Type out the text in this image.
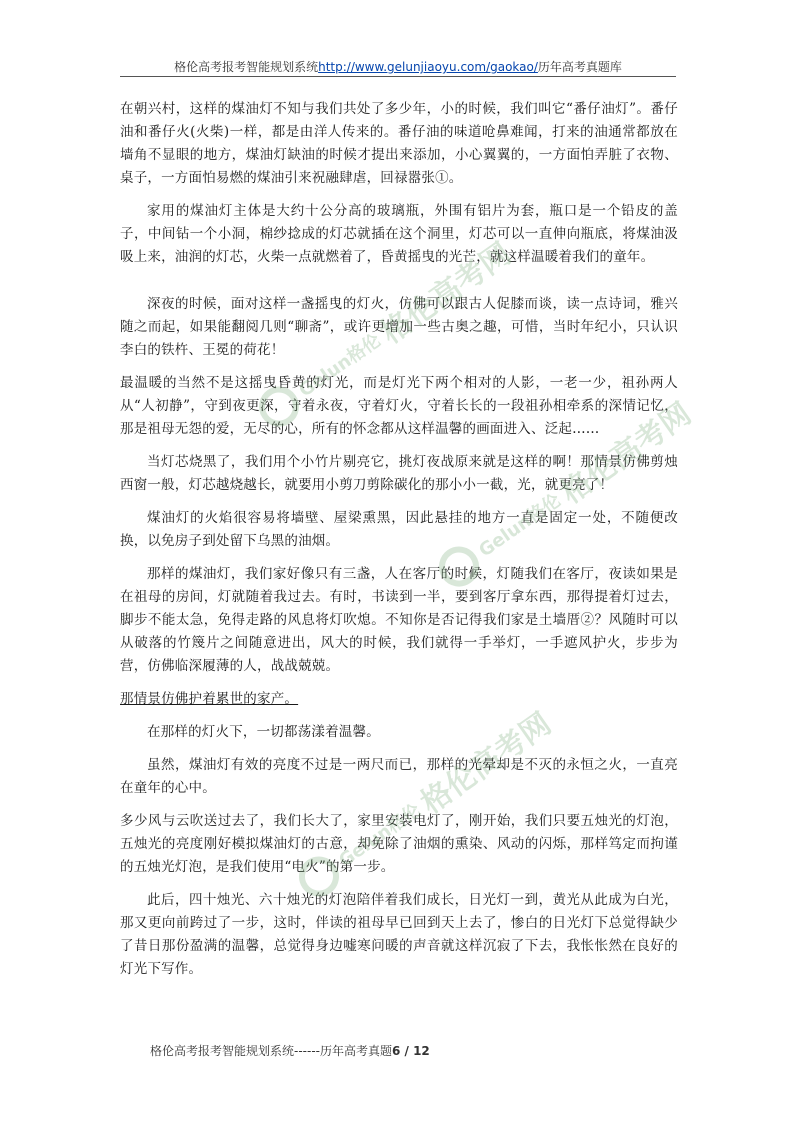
格伦高考报考智能规划系统http://www.gelunjiaoyu.com/gaokao/历年高考真题库

在朝兴村，这样的煤油灯不知与我们共处了多少年，小的时候，我们叫它“番仔油灯”。番仔油和番仔火(火柴)一样，都是由洋人传来的。番仔油的味道呛鼻难闻，打来的油通常都放在墙角不显眼的地方，煤油灯缺油的时候才提出来添加，小心翼翼的，一方面怕弄脏了衣物、桌子，一方面怕易燃的煤油引来祝融肆虐，回禄嚣张①。

家用的煤油灯主体是大约十公分高的玻璃瓶，外围有铝片为套，瓶口是一个铅皮的盖子，中间钻一个小洞，棉纱捻成的灯芯就插在这个洞里，灯芯可以一直伸向瓶底，将煤油汲吸上来，油润的灯芯，火柴一点就燃着了，昏黄摇曳的光芒，就这样温暖着我们的童年。

深夜的时候，面对这样一盏摇曳的灯火，仿佛可以跟古人促膝而谈，读一点诗词，雅兴随之而起，如果能翻阅几则“聊斋”，或许更增加一些古奥之趣，可惜，当时年纪小，只认识李白的铁杵、王冕的荷花！

最温暖的当然不是这摇曳昏黄的灯光，而是灯光下两个相对的人影，一老一少，祖孙两人从“人初静”，守到夜更深，守着永夜，守着灯火，守着长长的一段祖孙相牵系的深情记忆，那是祖母无怨的爱，无尽的心，所有的怀念都从这样温馨的画面进入、泛起……

当灯芯烧黑了，我们用个小竹片剔亮它，挑灯夜战原来就是这样的啊！那情景仿佛剪烛西窗一般，灯芯越烧越长，就要用小剪刀剪除碳化的那小小一截，光，就更亮了！

煤油灯的火焰很容易将墙壁、屋梁熏黑，因此悬挂的地方一直是固定一处，不随便改换，以免房子到处留下乌黑的油烟。

那样的煤油灯，我们家好像只有三盏，人在客厅的时候，灯随我们在客厅，夜读如果是在祖母的房间，灯就随着我过去。有时，书读到一半，要到客厅拿东西，那得提着灯过去，脚步不能太急，免得走路的风息将灯吹熄。不知你是否记得我们家是土墙厝②？风随时可以从破落的竹篾片之间随意进出，风大的时候，我们就得一手举灯，一手遮风护火，步步为营，仿佛临深履薄的人，战战兢兢。

那情景仿佛护着累世的家产。

在那样的灯火下，一切都荡漾着温馨。

虽然，煤油灯有效的亮度不过是一两尺而已，那样的光晕却是不灭的永恒之火，一直亮在童年的心中。

多少风与云吹送过去了，我们长大了，家里安装电灯了，刚开始，我们只要五烛光的灯泡，五烛光的亮度刚好模拟煤油灯的古意，却免除了油烟的熏染、风动的闪烁，那样笃定而拘谨的五烛光灯泡，是我们使用“电火”的第一步。

此后，四十烛光、六十烛光的灯泡陪伴着我们成长，日光灯一到，黄光从此成为白光，那又更向前跨过了一步，这时，伴读的祖母早已回到天上去了，惨白的日光灯下总觉得缺少了昔日那份盈满的温馨，总觉得身边嘘寒问暖的声音就这样沉寂了下去，我怅怅然在良好的灯光下写作。

Gelun格伦格伦高考网
Gelun格伦格伦高考网
Gelun格伦格伦高考网
格伦高考报考智能规划系统------历年高考真题6 / 12
